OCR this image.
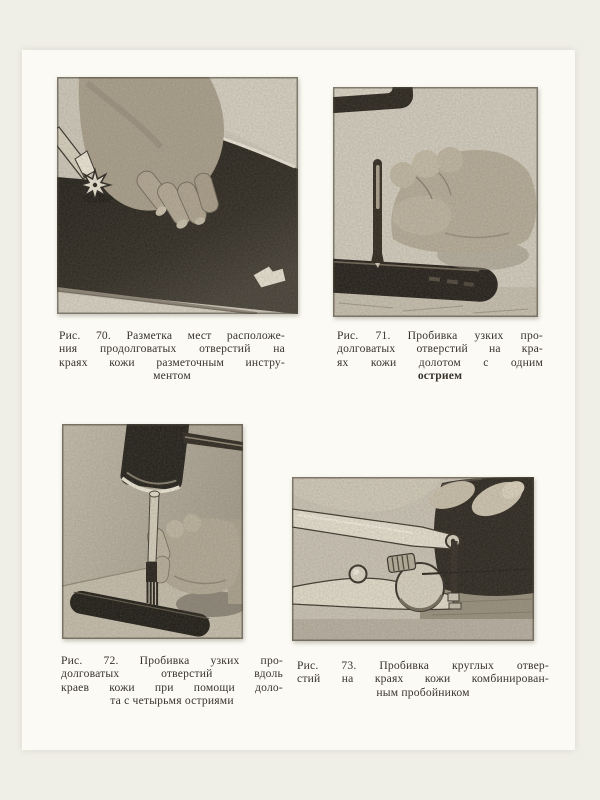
Рис. 70. Разметка мест расположе-
ния продолговатых отверстий на
краях кожи разметочным инстру-
ментом
Рис. 71. Пробивка узких про-
долговатых отверстий на кра-
ях кожи долотом с одним
острием
Рис. 72. Пробивка узких про-
долговатых отверстий вдоль
краев кожи при помощи доло-
та с четырьмя остриями
Рис. 73. Пробивка круглых отвер-
стий на краях кожи комбинирован-
ным пробойником
